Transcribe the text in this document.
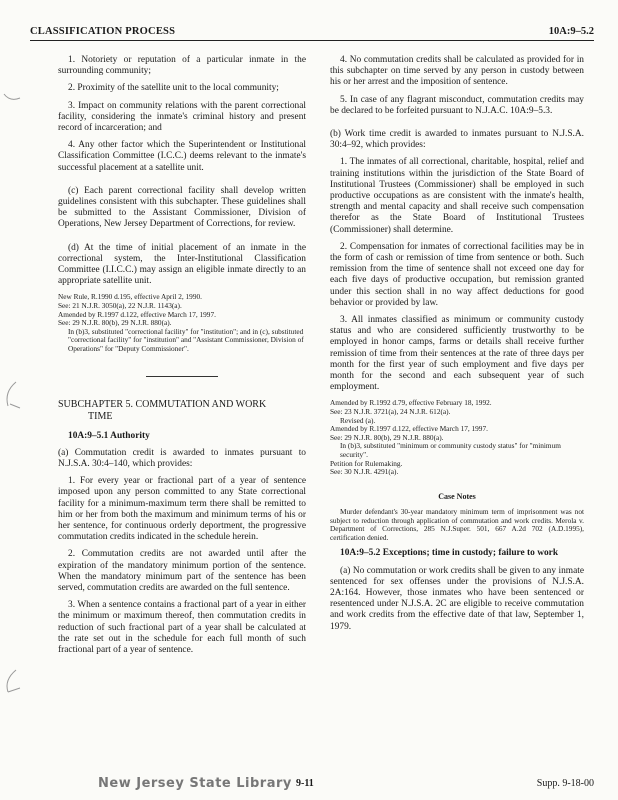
CLASSIFICATION PROCESS	10A:9–5.2

1. Notoriety or reputation of a particular inmate in the surrounding community;

2. Proximity of the satellite unit to the local community;

3. Impact on community relations with the parent correctional facility, considering the inmate's criminal history and present record of incarceration; and

4. Any other factor which the Superintendent or Institutional Classification Committee (I.C.C.) deems relevant to the inmate's successful placement at a satellite unit.

(c) Each parent correctional facility shall develop written guidelines consistent with this subchapter. These guidelines shall be submitted to the Assistant Commissioner, Division of Operations, New Jersey Department of Corrections, for review.

(d) At the time of initial placement of an inmate in the correctional system, the Inter-Institutional Classification Committee (I.I.C.C.) may assign an eligible inmate directly to an appropriate satellite unit.

New Rule, R.1990 d.195, effective April 2, 1990.
See: 21 N.J.R. 3050(a), 22 N.J.R. 1143(a).
Amended by R.1997 d.122, effective March 17, 1997.
See: 29 N.J.R. 80(b), 29 N.J.R. 880(a).
In (b)3, substituted "correctional facility" for "institution"; and in (c), substituted "correctional facility" for "institution" and "Assistant Commissioner, Division of Operations" for "Deputy Commissioner".
SUBCHAPTER 5. COMMUTATION AND WORK
TIME

10A:9–5.1 Authority

(a) Commutation credit is awarded to inmates pursuant to N.J.S.A. 30:4–140, which provides:

1. For every year or fractional part of a year of sentence imposed upon any person committed to any State correctional facility for a minimum-maximum term there shall be remitted to him or her from both the maximum and minimum terms of his or her sentence, for continuous orderly deportment, the progressive commutation credits indicated in the schedule herein.

2. Commutation credits are not awarded until after the expiration of the mandatory minimum portion of the sentence. When the mandatory minimum part of the sentence has been served, commutation credits are awarded on the full sentence.

3. When a sentence contains a fractional part of a year in either the minimum or maximum thereof, then commutation credits in reduction of such fractional part of a year shall be calculated at the rate set out in the schedule for each full month of such fractional part of a year of sentence.

4. No commutation credits shall be calculated as provided for in this subchapter on time served by any person in custody between his or her arrest and the imposition of sentence.

5. In case of any flagrant misconduct, commutation credits may be declared to be forfeited pursuant to N.J.A.C. 10A:9–5.3.

(b) Work time credit is awarded to inmates pursuant to N.J.S.A. 30:4–92, which provides:

1. The inmates of all correctional, charitable, hospital, relief and training institutions within the jurisdiction of the State Board of Institutional Trustees (Commissioner) shall be employed in such productive occupations as are consistent with the inmate's health, strength and mental capacity and shall receive such compensation therefor as the State Board of Institutional Trustees (Commissioner) shall determine.

2. Compensation for inmates of correctional facilities may be in the form of cash or remission of time from sentence or both. Such remission from the time of sentence shall not exceed one day for each five days of productive occupation, but remission granted under this section shall in no way affect deductions for good behavior or provided by law.

3. All inmates classified as minimum or community custody status and who are considered sufficiently trustworthy to be employed in honor camps, farms or details shall receive further remission of time from their sentences at the rate of three days per month for the first year of such employment and five days per month for the second and each subsequent year of such employment.

Amended by R.1992 d.79, effective February 18, 1992.
See: 23 N.J.R. 3721(a), 24 N.J.R. 612(a).
Revised (a).
Amended by R.1997 d.122, effective March 17, 1997.
See: 29 N.J.R. 80(b), 29 N.J.R. 880(a).
In (b)3, substituted "minimum or community custody status" for "minimum security".
Petition for Rulemaking.
See: 30 N.J.R. 4291(a).
Case Notes

Murder defendant's 30-year mandatory minimum term of imprisonment was not subject to reduction through application of commutation and work credits. Merola v. Department of Corrections, 285 N.J.Super. 501, 667 A.2d 702 (A.D.1995), certification denied.

10A:9–5.2 Exceptions; time in custody; failure to work

(a) No commutation or work credits shall be given to any inmate sentenced for sex offenses under the provisions of N.J.S.A. 2A:164. However, those inmates who have been sentenced or resentenced under N.J.S.A. 2C are eligible to receive commutation and work credits from the effective date of that law, September 1, 1979.

New Jersey State Library 9-11	Supp. 9-18-00
